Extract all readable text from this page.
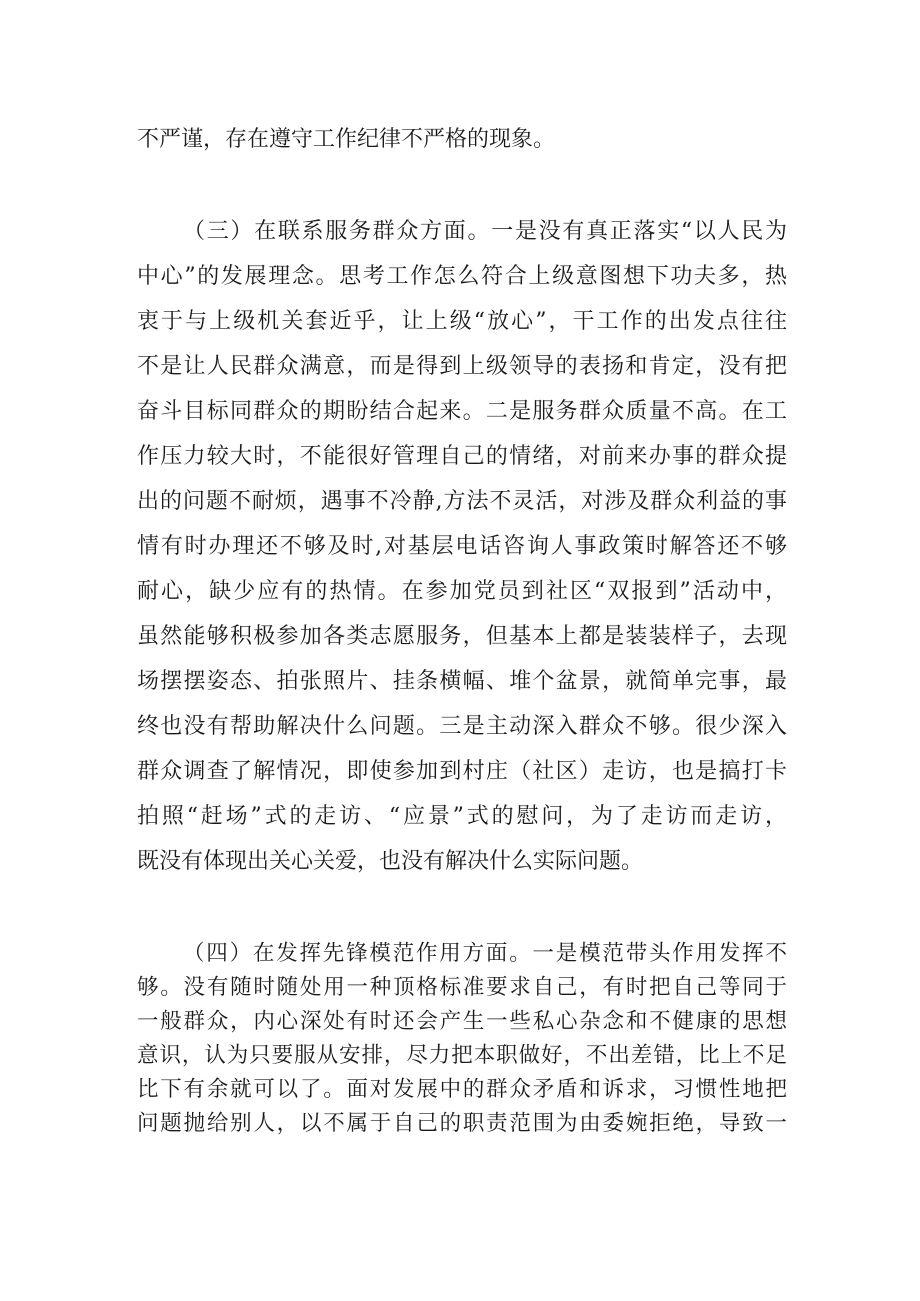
不严谨，存在遵守工作纪律不严格的现象。
（三）在联系服务群众方面。一是没有真正落实“以人民为
中心”的发展理念。思考工作怎么符合上级意图想下功夫多，热
衷于与上级机关套近乎，让上级“放心”，干工作的出发点往往
不是让人民群众满意，而是得到上级领导的表扬和肯定，没有把
奋斗目标同群众的期盼结合起来。二是服务群众质量不高。在工
作压力较大时，不能很好管理自己的情绪，对前来办事的群众提
出的问题不耐烦，遇事不冷静,方法不灵活，对涉及群众利益的事
情有时办理还不够及时,对基层电话咨询人事政策时解答还不够
耐心，缺少应有的热情。在参加党员到社区“双报到”活动中，
虽然能够积极参加各类志愿服务，但基本上都是装装样子，去现
场摆摆姿态、拍张照片、挂条横幅、堆个盆景，就简单完事，最
终也没有帮助解决什么问题。三是主动深入群众不够。很少深入
群众调查了解情况，即使参加到村庄（社区）走访，也是搞打卡
拍照“赶场”式的走访、“应景”式的慰问，为了走访而走访，
既没有体现出关心关爱，也没有解决什么实际问题。
（四）在发挥先锋模范作用方面。一是模范带头作用发挥不
够。没有随时随处用一种顶格标准要求自己，有时把自己等同于
一般群众，内心深处有时还会产生一些私心杂念和不健康的思想
意识，认为只要服从安排，尽力把本职做好，不出差错，比上不足
比下有余就可以了。面对发展中的群众矛盾和诉求，习惯性地把
问题抛给别人，以不属于自己的职责范围为由委婉拒绝，导致一
